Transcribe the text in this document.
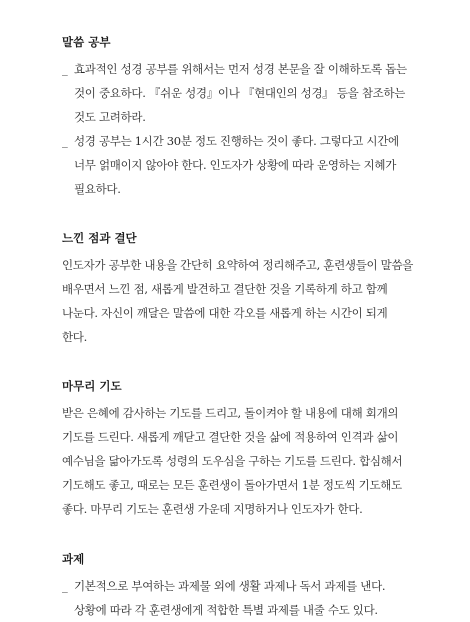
말씀 공부
_ 효과적인 성경 공부를 위해서는 먼저 성경 본문을 잘 이해하도록 돕는 것이 중요하다. 『쉬운 성경』이나 『현대인의 성경』 등을 참조하는 것도 고려하라.
_ 성경 공부는 1시간 30분 정도 진행하는 것이 좋다. 그렇다고 시간에 너무 얽매이지 않아야 한다. 인도자가 상황에 따라 운영하는 지혜가 필요하다.
느낀 점과 결단

인도자가 공부한 내용을 간단히 요약하여 정리해주고, 훈련생들이 말씀을 배우면서 느낀 점, 새롭게 발견하고 결단한 것을 기록하게 하고 함께 나눈다. 자신이 깨달은 말씀에 대한 각오를 새롭게 하는 시간이 되게 한다.

마무리 기도

받은 은혜에 감사하는 기도를 드리고, 돌이켜야 할 내용에 대해 회개의 기도를 드린다. 새롭게 깨닫고 결단한 것을 삶에 적용하여 인격과 삶이 예수님을 닮아가도록 성령의 도우심을 구하는 기도를 드린다. 합심해서 기도해도 좋고, 때로는 모든 훈련생이 돌아가면서 1분 정도씩 기도해도 좋다. 마무리 기도는 훈련생 가운데 지명하거나 인도자가 한다.

과제
_ 기본적으로 부여하는 과제물 외에 생활 과제나 독서 과제를 낸다. 상황에 따라 각 훈련생에게 적합한 특별 과제를 내줄 수도 있다.
